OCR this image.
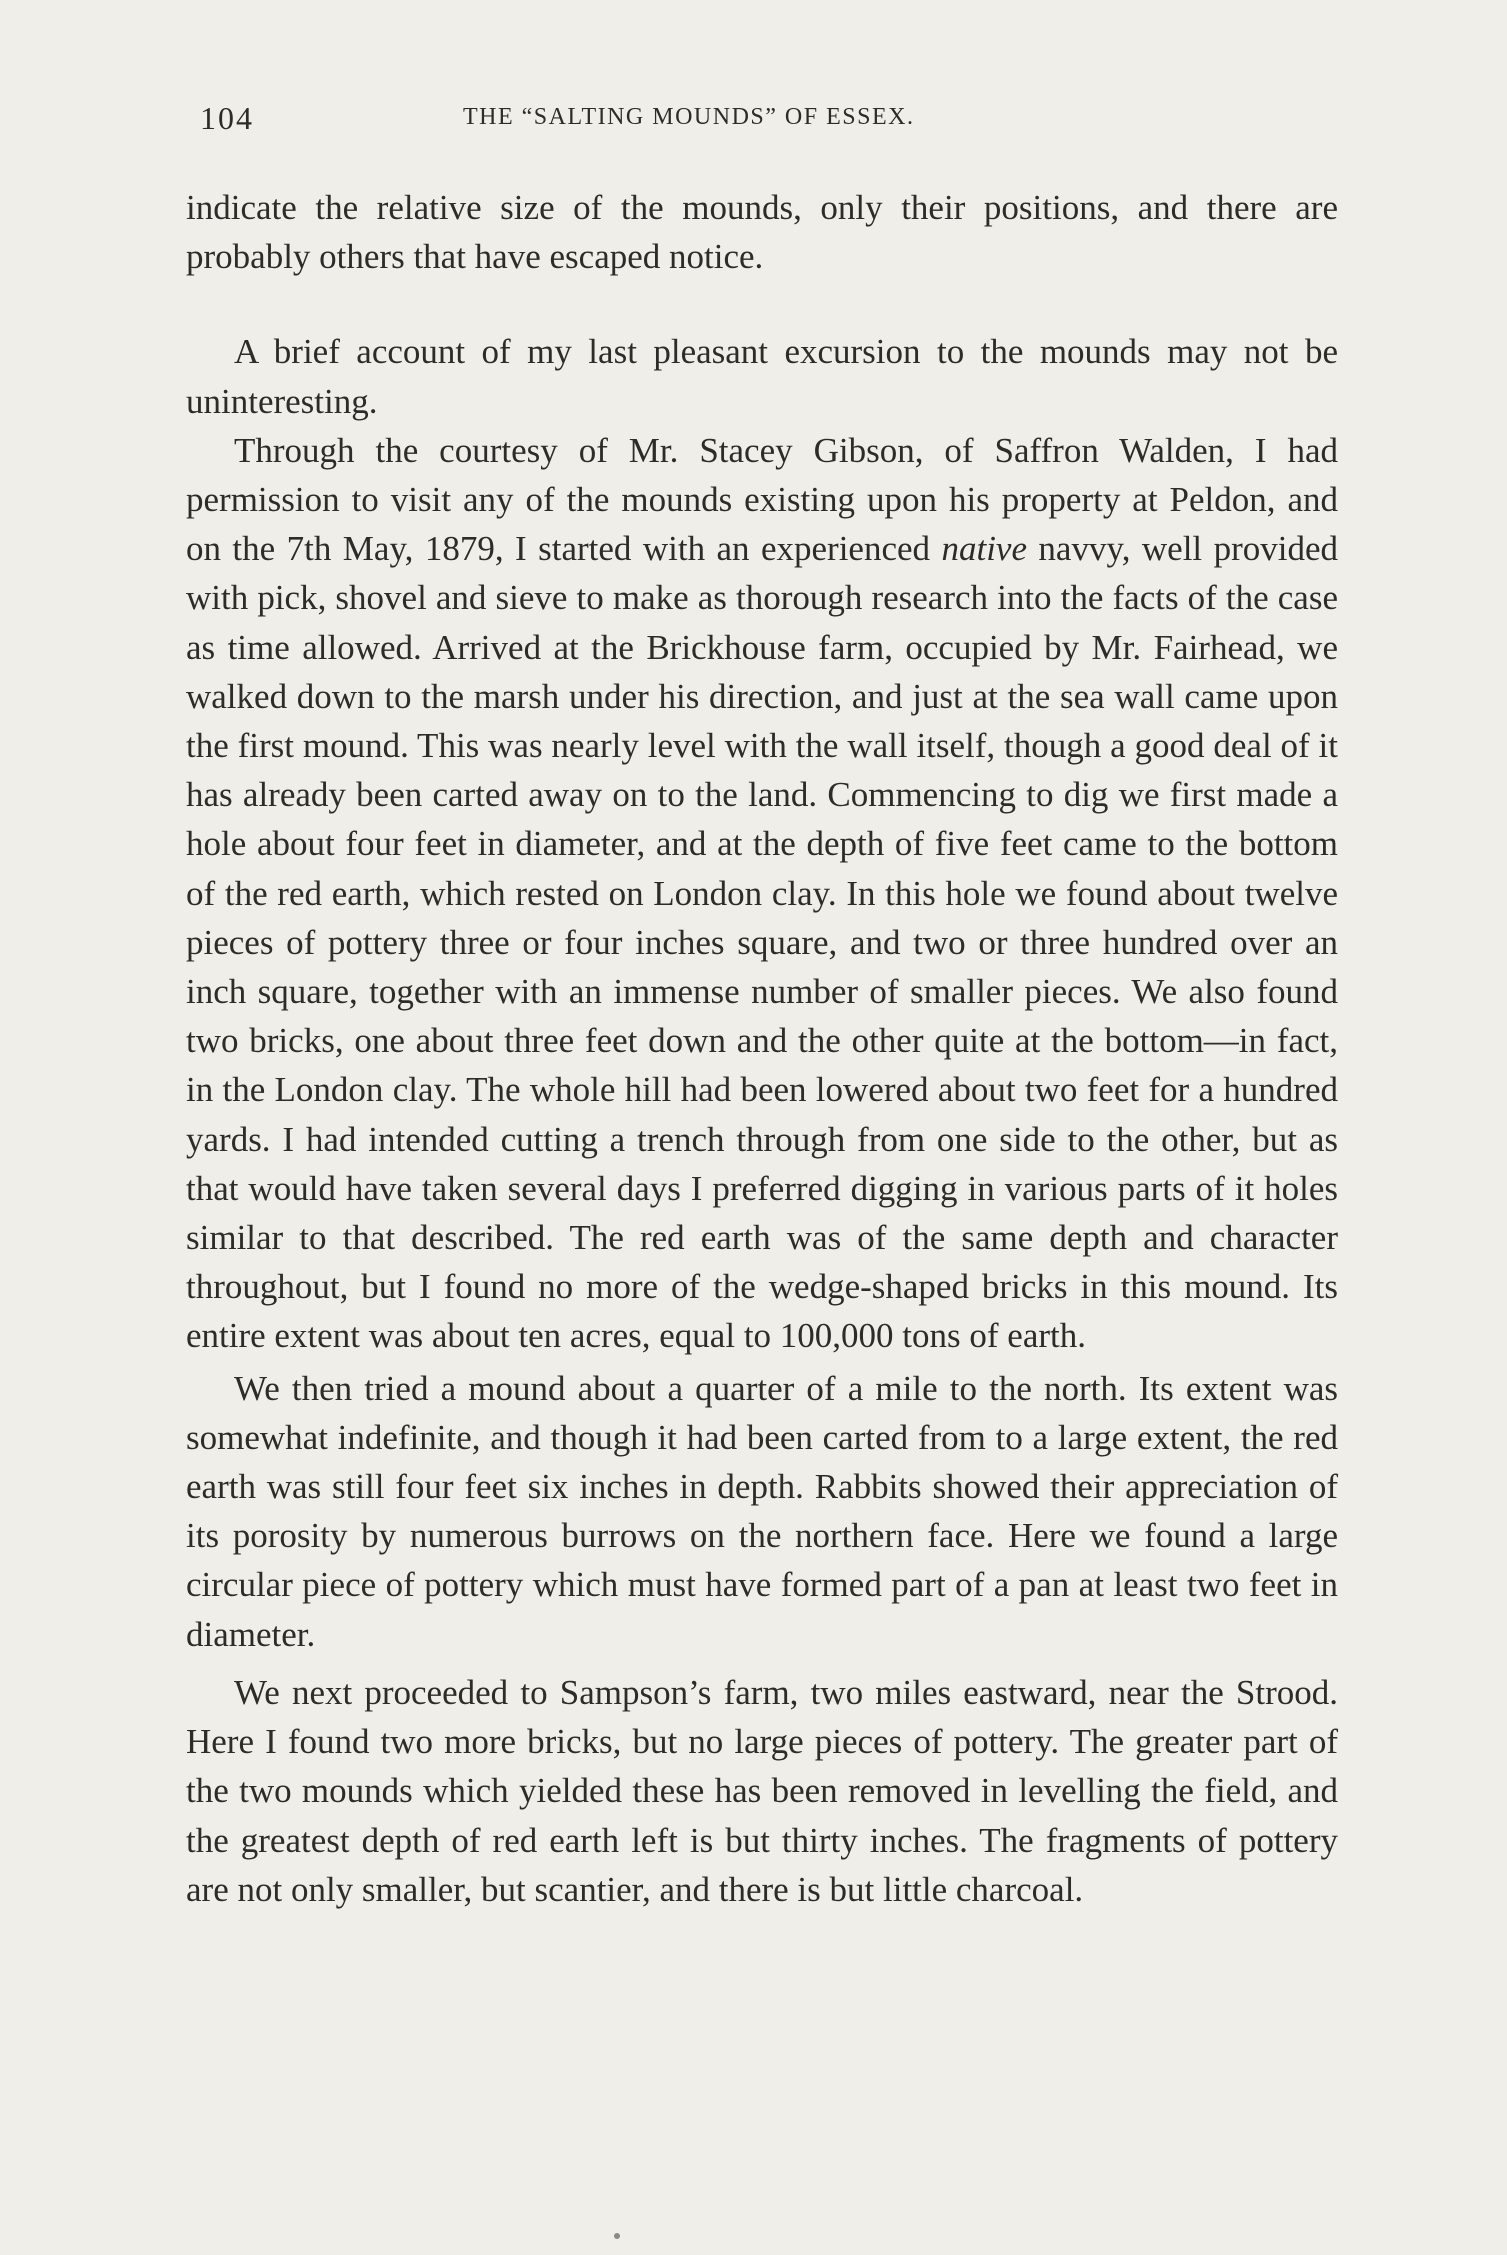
104	THE “SALTING MOUNDS” OF ESSEX.

indicate the relative size of the mounds, only their positions, and there are probably others that have escaped notice.

A brief account of my last pleasant excursion to the mounds may not be uninteresting.

Through the courtesy of Mr. Stacey Gibson, of Saffron Walden, I had permission to visit any of the mounds existing upon his property at Peldon, and on the 7th May, 1879, I started with an experienced native navvy, well provided with pick, shovel and sieve to make as thorough research into the facts of the case as time allowed. Arrived at the Brickhouse farm, occupied by Mr. Fairhead, we walked down to the marsh under his direction, and just at the sea wall came upon the first mound. This was nearly level with the wall itself, though a good deal of it has already been carted away on to the land. Commencing to dig we first made a hole about four feet in diameter, and at the depth of five feet came to the bottom of the red earth, which rested on London clay. In this hole we found about twelve pieces of pottery three or four inches square, and two or three hundred over an inch square, together with an immense number of smaller pieces. We also found two bricks, one about three feet down and the other quite at the bottom—in fact, in the London clay. The whole hill had been lowered about two feet for a hundred yards. I had intended cutting a trench through from one side to the other, but as that would have taken several days I preferred digging in various parts of it holes similar to that described. The red earth was of the same depth and character throughout, but I found no more of the wedge-shaped bricks in this mound. Its entire extent was about ten acres, equal to 100,000 tons of earth.

We then tried a mound about a quarter of a mile to the north. Its extent was somewhat indefinite, and though it had been carted from to a large extent, the red earth was still four feet six inches in depth. Rabbits showed their appreciation of its porosity by numerous burrows on the northern face. Here we found a large circular piece of pottery which must have formed part of a pan at least two feet in diameter.

We next proceeded to Sampson’s farm, two miles eastward, near the Strood. Here I found two more bricks, but no large pieces of pottery. The greater part of the two mounds which yielded these has been removed in levelling the field, and the greatest depth of red earth left is but thirty inches. The fragments of pottery are not only smaller, but scantier, and there is but little charcoal.
